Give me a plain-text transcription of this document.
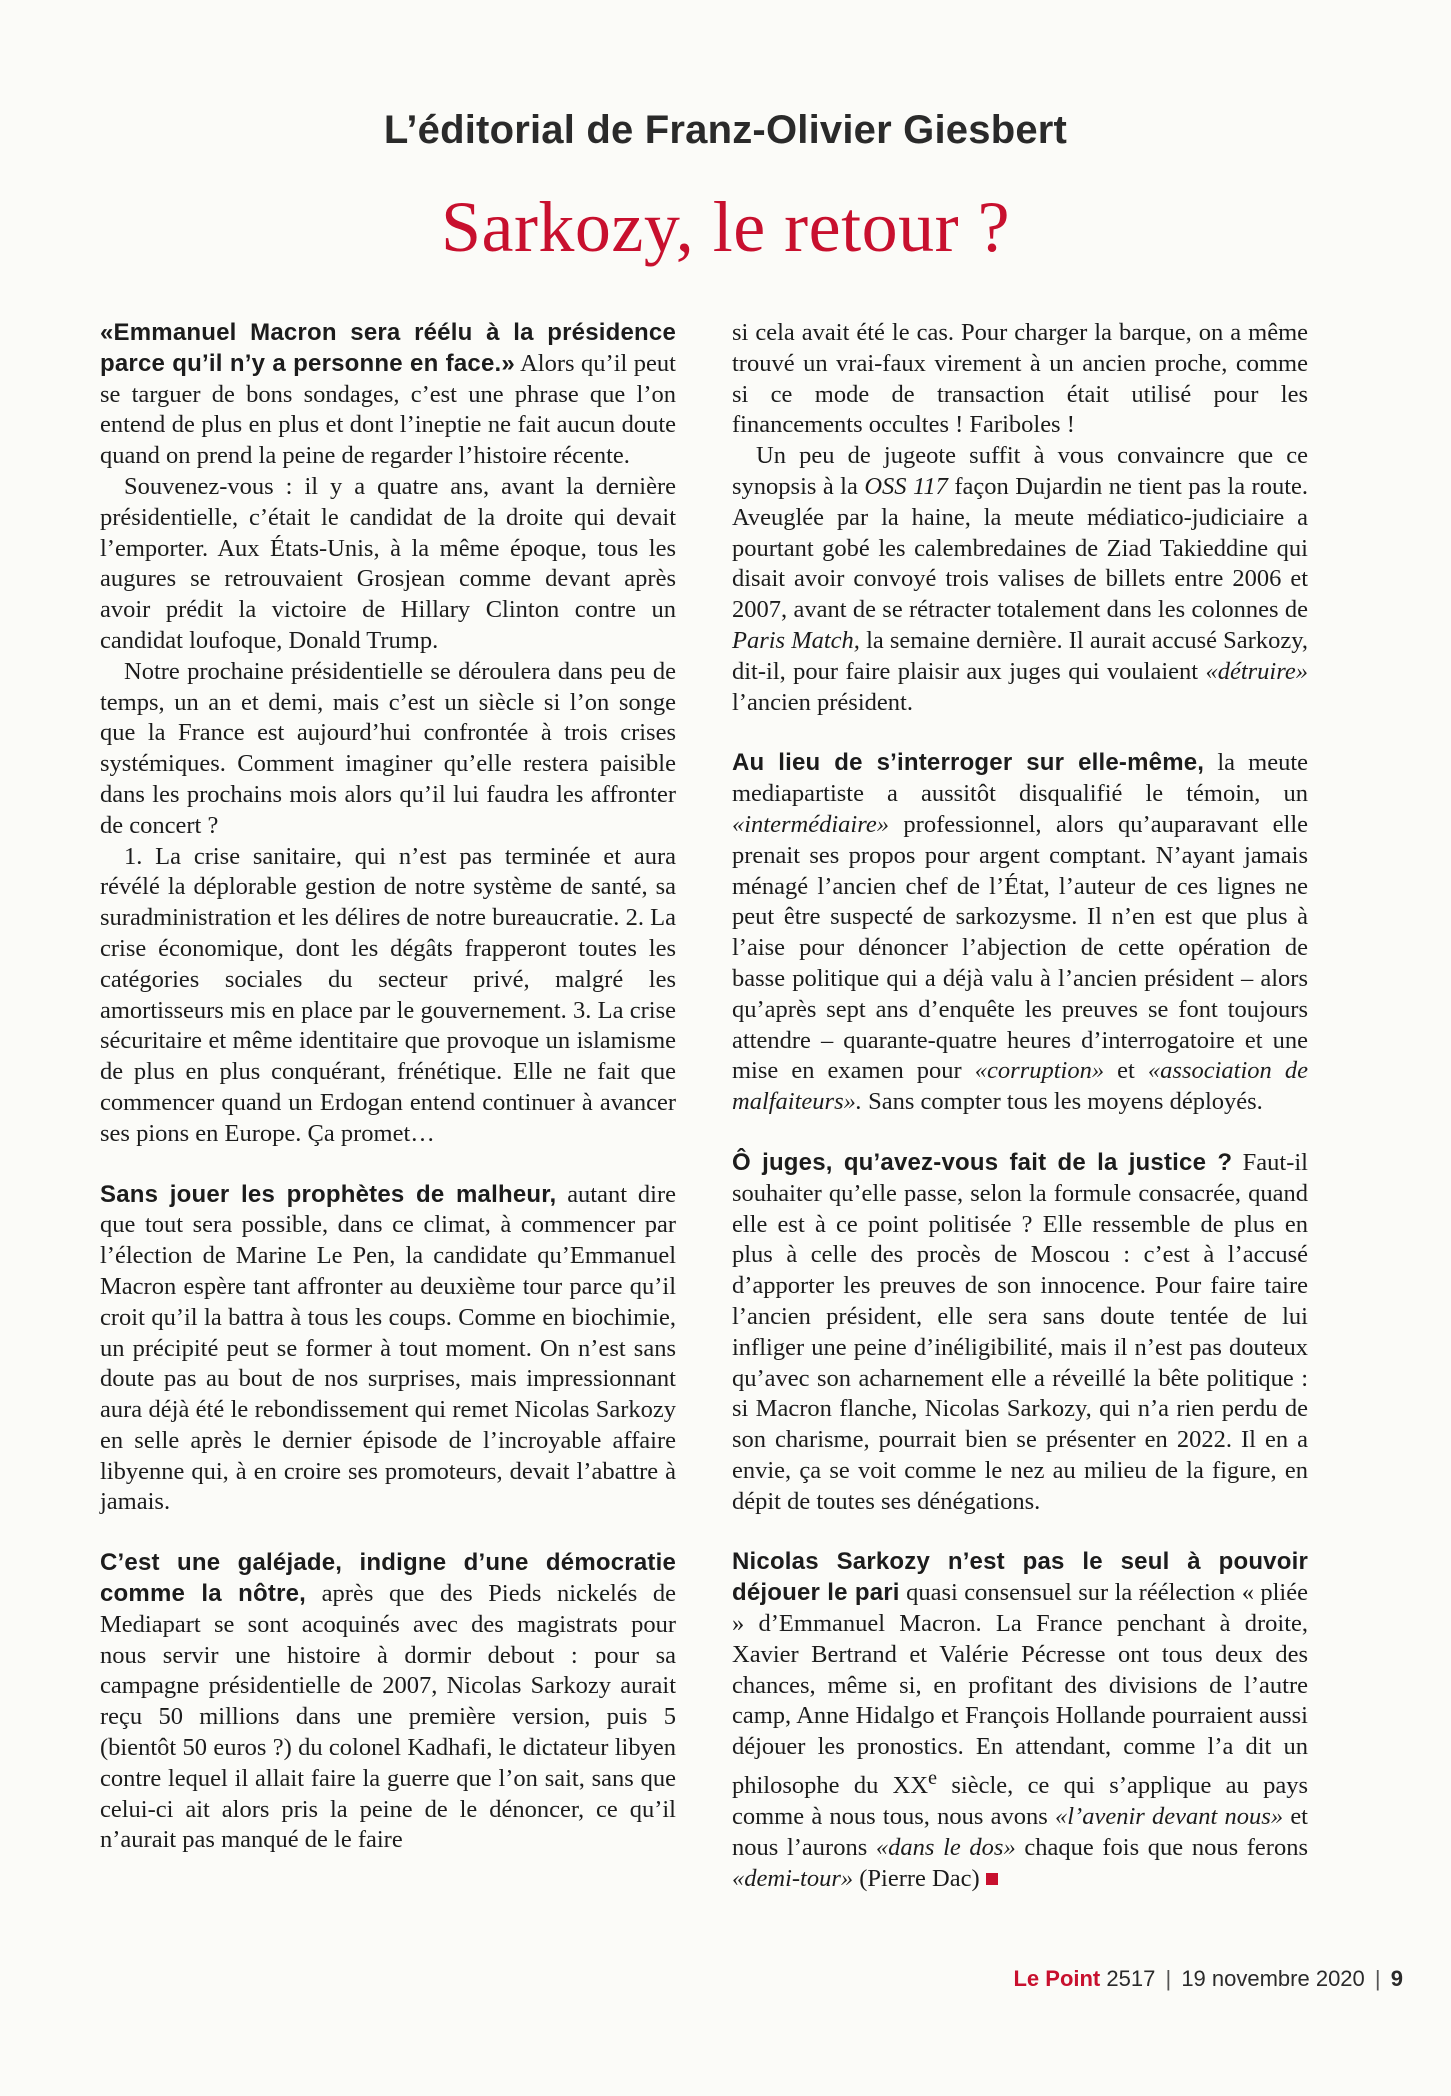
L’éditorial de Franz-Olivier Giesbert
Sarkozy, le retour ?

«Emmanuel Macron sera réélu à la présidence parce qu’il n’y a personne en face.» Alors qu’il peut se targuer de bons sondages, c’est une phrase que l’on entend de plus en plus et dont l’ineptie ne fait aucun doute quand on prend la peine de regarder l’histoire récente.

Souvenez-vous : il y a quatre ans, avant la dernière présidentielle, c’était le candidat de la droite qui devait l’emporter. Aux États-Unis, à la même époque, tous les augures se retrouvaient Grosjean comme devant après avoir prédit la victoire de Hillary Clinton contre un candidat loufoque, Donald Trump.

Notre prochaine présidentielle se déroulera dans peu de temps, un an et demi, mais c’est un siècle si l’on songe que la France est aujourd’hui confrontée à trois crises systémiques. Comment imaginer qu’elle restera paisible dans les prochains mois alors qu’il lui faudra les affronter de concert ?

1. La crise sanitaire, qui n’est pas terminée et aura révélé la déplorable gestion de notre système de santé, sa suradministration et les délires de notre bureaucratie. 2. La crise économique, dont les dégâts frapperont toutes les catégories sociales du secteur privé, malgré les amortisseurs mis en place par le gouvernement. 3. La crise sécuritaire et même identitaire que provoque un islamisme de plus en plus conquérant, frénétique. Elle ne fait que commencer quand un Erdogan entend continuer à avancer ses pions en Europe. Ça promet…

Sans jouer les prophètes de malheur, autant dire que tout sera possible, dans ce climat, à commencer par l’élection de Marine Le Pen, la candidate qu’Emmanuel Macron espère tant affronter au deuxième tour parce qu’il croit qu’il la battra à tous les coups. Comme en biochimie, un précipité peut se former à tout moment. On n’est sans doute pas au bout de nos surprises, mais impressionnant aura déjà été le rebondissement qui remet Nicolas Sarkozy en selle après le dernier épisode de l’incroyable affaire libyenne qui, à en croire ses promoteurs, devait l’abattre à jamais.

C’est une galéjade, indigne d’une démocratie comme la nôtre, après que des Pieds nickelés de Mediapart se sont acoquinés avec des magistrats pour nous servir une histoire à dormir debout : pour sa campagne présidentielle de 2007, Nicolas Sarkozy aurait reçu 50 millions dans une première version, puis 5 (bientôt 50 euros ?) du colonel Kadhafi, le dictateur libyen contre lequel il allait faire la guerre que l’on sait, sans que celui-ci ait alors pris la peine de le dénoncer, ce qu’il n’aurait pas manqué de le faire

si cela avait été le cas. Pour charger la barque, on a même trouvé un vrai-faux virement à un ancien proche, comme si ce mode de transaction était utilisé pour les financements occultes ! Fariboles !

Un peu de jugeote suffit à vous convaincre que ce synopsis à la OSS 117 façon Dujardin ne tient pas la route. Aveuglée par la haine, la meute médiatico-judiciaire a pourtant gobé les calembredaines de Ziad Takieddine qui disait avoir convoyé trois valises de billets entre 2006 et 2007, avant de se rétracter totalement dans les colonnes de Paris Match, la semaine dernière. Il aurait accusé Sarkozy, dit-il, pour faire plaisir aux juges qui voulaient «détruire» l’ancien président.

Au lieu de s’interroger sur elle-même, la meute mediapartiste a aussitôt disqualifié le témoin, un «intermédiaire» professionnel, alors qu’auparavant elle prenait ses propos pour argent comptant. N’ayant jamais ménagé l’ancien chef de l’État, l’auteur de ces lignes ne peut être suspecté de sarkozysme. Il n’en est que plus à l’aise pour dénoncer l’abjection de cette opération de basse politique qui a déjà valu à l’ancien président – alors qu’après sept ans d’enquête les preuves se font toujours attendre – quarante-quatre heures d’interrogatoire et une mise en examen pour «corruption» et «association de malfaiteurs». Sans compter tous les moyens déployés.

Ô juges, qu’avez-vous fait de la justice ? Faut-il souhaiter qu’elle passe, selon la formule consacrée, quand elle est à ce point politisée ? Elle ressemble de plus en plus à celle des procès de Moscou : c’est à l’accusé d’apporter les preuves de son innocence. Pour faire taire l’ancien président, elle sera sans doute tentée de lui infliger une peine d’inéligibilité, mais il n’est pas douteux qu’avec son acharnement elle a réveillé la bête politique : si Macron flanche, Nicolas Sarkozy, qui n’a rien perdu de son charisme, pourrait bien se présenter en 2022. Il en a envie, ça se voit comme le nez au milieu de la figure, en dépit de toutes ses dénégations.

Nicolas Sarkozy n’est pas le seul à pouvoir déjouer le pari quasi consensuel sur la réélection « pliée » d’Emmanuel Macron. La France penchant à droite, Xavier Bertrand et Valérie Pécresse ont tous deux des chances, même si, en profitant des divisions de l’autre camp, Anne Hidalgo et François Hollande pourraient aussi déjouer les pronostics. En attendant, comme l’a dit un philosophe du XXe siècle, ce qui s’applique au pays comme à nous tous, nous avons «l’avenir devant nous» et nous l’aurons «dans le dos» chaque fois que nous ferons «demi-tour» (Pierre Dac)

Le Point 2517 | 19 novembre 2020 | 9
